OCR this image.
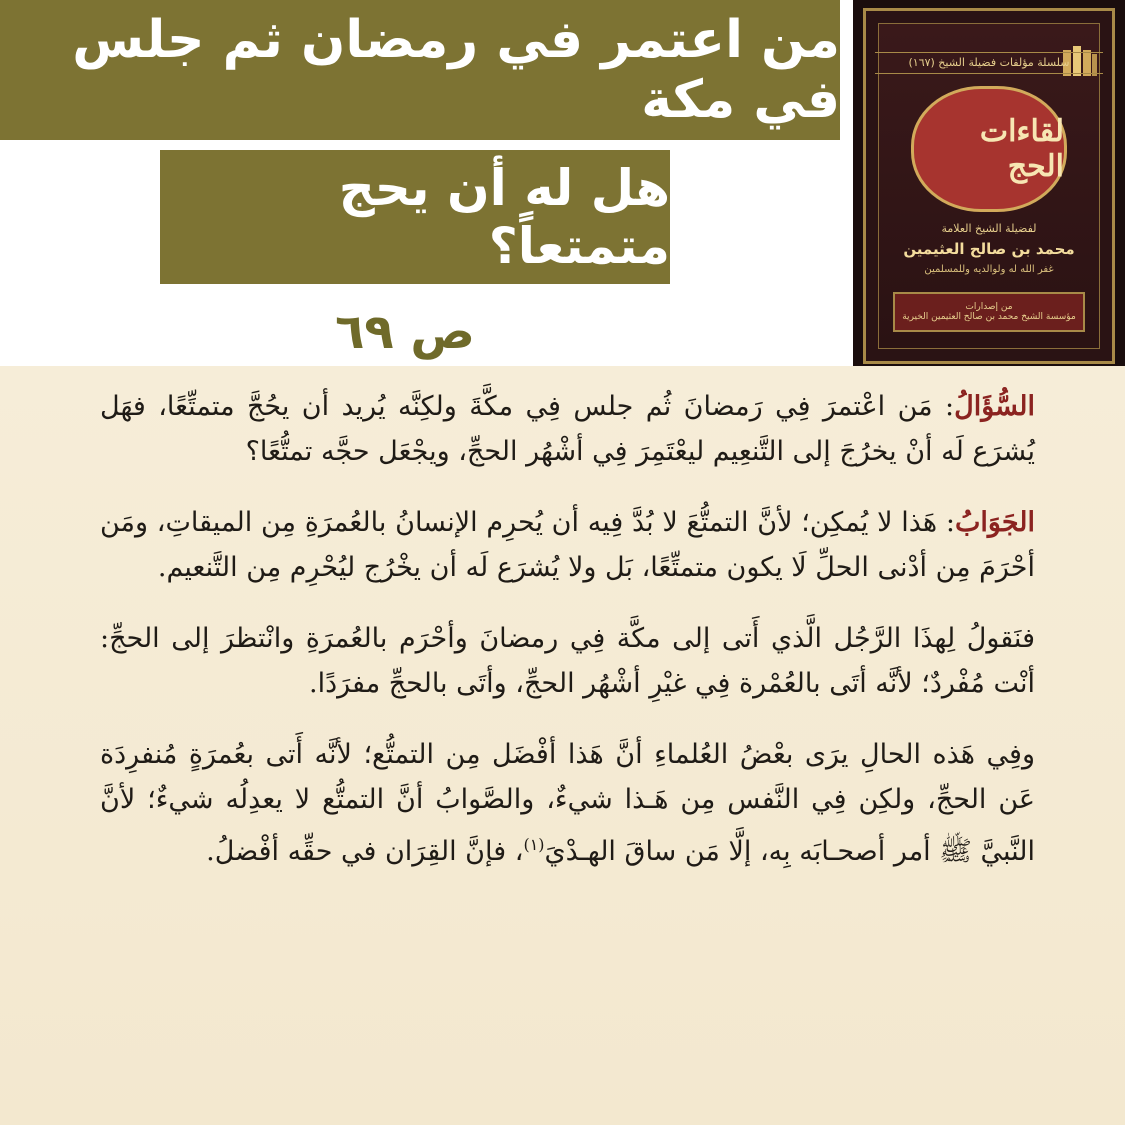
من اعتمر في رمضان ثم جلس في مكة
هل له أن يحج متمتعاً؟
ص ٦٩
سلسلة مؤلفات فضيلة الشيخ (١٦٧)
لقاءات الحج
لفضيلة الشيخ العلامة
محمد بن صالح العثيمين
غفر الله له ولوالديه وللمسلمين
من إصدارات
مؤسسة الشيخ محمد بن صالح العثيمين الخيرية

السُّؤَالُ: مَن اعْتمرَ فِي رَمضانَ ثُم جلس فِي مكَّةَ ولكِنَّه يُريد أن يحُجَّ متمتِّعًا، فهَل يُشرَع لَه أنْ يخرُجَ إلى التَّنعِيم ليعْتَمِرَ فِي أشْهُر الحجِّ، ويجْعَل حجَّه تمتُّعًا؟

الجَوَابُ: هَذا لا يُمكِن؛ لأنَّ التمتُّعَ لا بُدَّ فِيه أن يُحرِم الإنسانُ بالعُمرَةِ مِن الميقاتِ، ومَن أحْرَمَ مِن أدْنى الحلِّ لَا يكون متمتِّعًا، بَل ولا يُشرَع لَه أن يخْرُج ليُحْرِم مِن التَّنعيم.

فنَقولُ لِهذَا الرَّجُل الَّذي أَتى إلى مكَّة فِي رمضانَ وأحْرَم بالعُمرَةِ وانْتظرَ إلى الحجِّ: أنْت مُفْردٌ؛ لأنَّه أتَى بالعُمْرة فِي غيْرِ أشْهُر الحجِّ، وأتَى بالحجِّ مفرَدًا.

وفِي هَذه الحالِ يرَى بعْضُ العُلماءِ أنَّ هَذا أفْضَل مِن التمتُّع؛ لأنَّه أَتى بعُمرَةٍ مُنفرِدَة عَن الحجِّ، ولكِن فِي النَّفس مِن هَـذا شيءٌ، والصَّوابُ أنَّ التمتُّع لا يعدِلُه شيءٌ؛ لأنَّ النَّبيَّ ﷺ أمر أصحـابَه بِه، إلَّا مَن ساقَ الهـدْيَ$^{(١)}$، فإنَّ القِرَان في حقِّه أفْضلُ.
